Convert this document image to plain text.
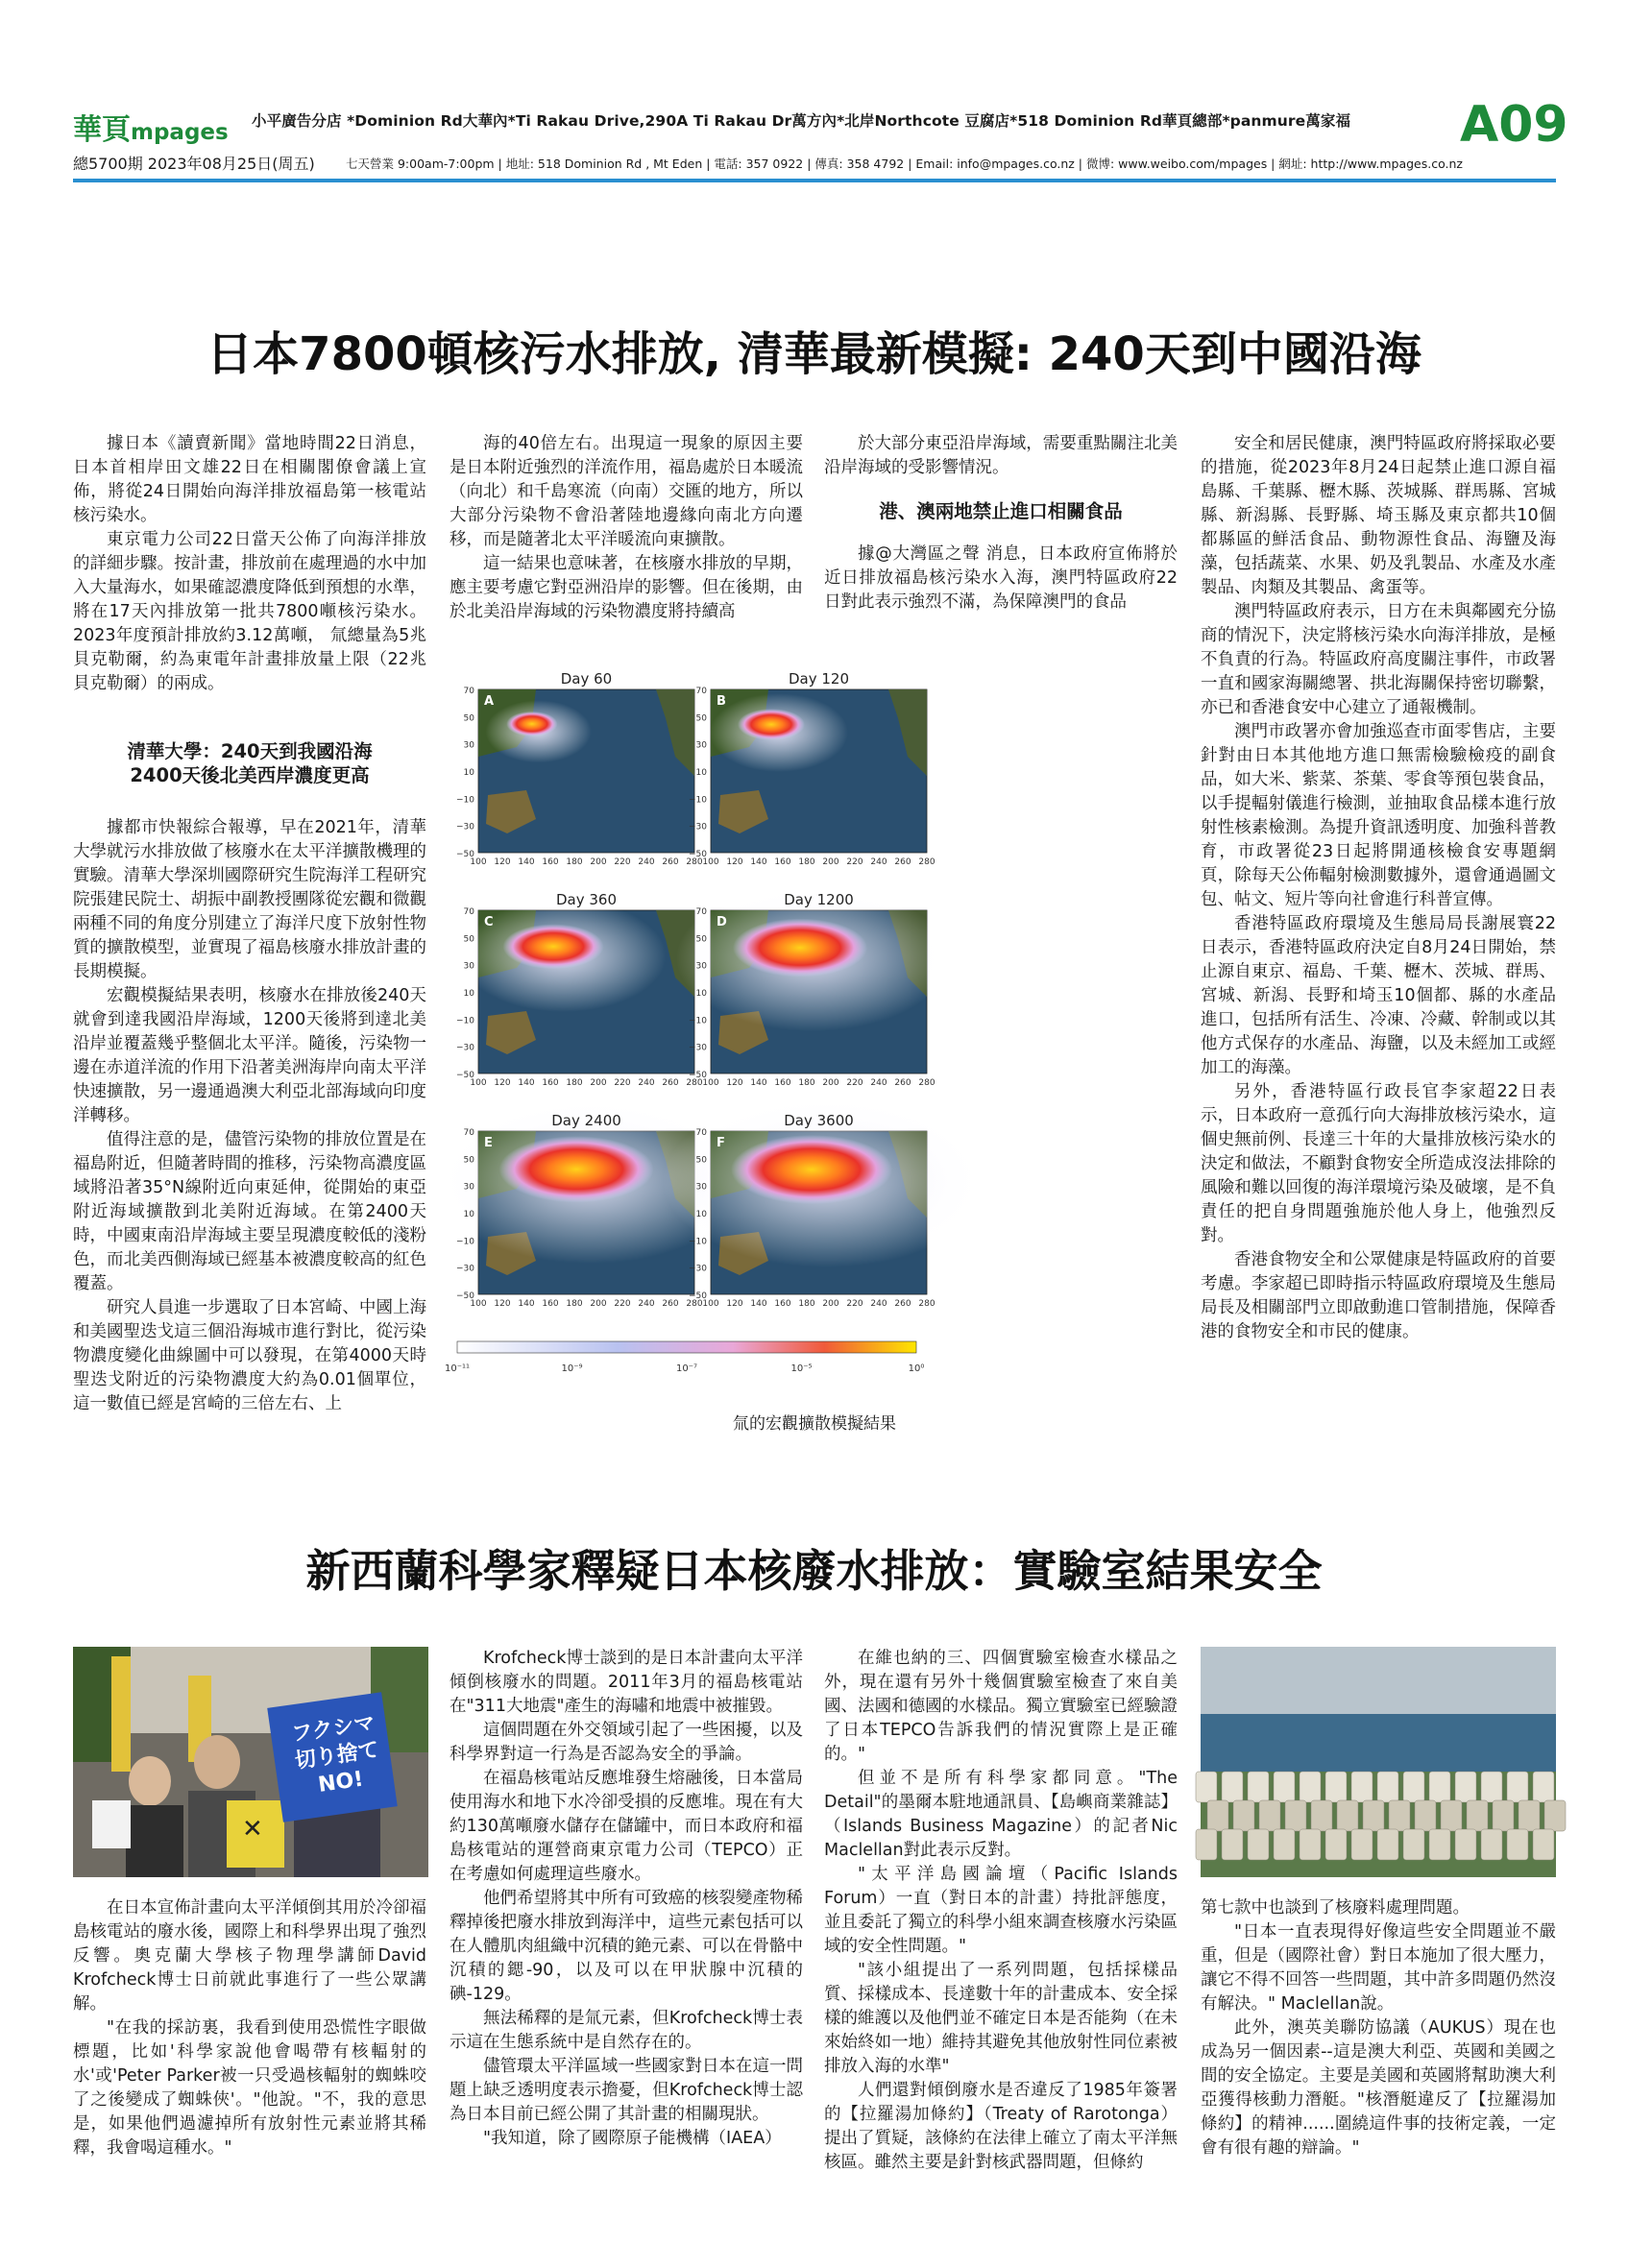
華頁mpages 小平廣告分店 *Dominion Rd大華內*Ti Rakau Drive,290A Ti Rakau Dr萬方內*北岸Northcote 豆腐店*518 Dominion Rd華頁總部*panmure萬家福 A09
總5700期 2023年08月25日(周五)	七天營業 9:00am-7:00pm | 地址: 518 Dominion Rd , Mt Eden | 電話: 357 0922 | 傳真: 358 4792 | Email: info@mpages.co.nz | 微博: www.weibo.com/mpages | 網址: http://www.mpages.co.nz
日本7800頓核污水排放, 清華最新模擬: 240天到中國沿海

據日本《讀賣新聞》當地時間22日消息，日本首相岸田文雄22日在相關閣僚會議上宣佈，將從24日開始向海洋排放福島第一核電站核污染水。

東京電力公司22日當天公佈了向海洋排放的詳細步驟。按計畫，排放前在處理過的水中加入大量海水，如果確認濃度降低到預想的水準，將在17天內排放第一批共7800噸核污染水。2023年度預計排放約3.12萬噸， 氚總量為5兆貝克勒爾，約為東電年計畫排放量上限（22兆貝克勒爾）的兩成。

清華大學：240天到我國沿海
2400天後北美西岸濃度更高

據都市快報綜合報導，早在2021年，清華大學就污水排放做了核廢水在太平洋擴散機理的實驗。清華大學深圳國際研究生院海洋工程研究院張建民院士、胡振中副教授團隊從宏觀和微觀兩種不同的角度分別建立了海洋尺度下放射性物質的擴散模型，並實現了福島核廢水排放計畫的長期模擬。

宏觀模擬結果表明，核廢水在排放後240天就會到達我國沿岸海域，1200天後將到達北美沿岸並覆蓋幾乎整個北太平洋。隨後，污染物一邊在赤道洋流的作用下沿著美洲海岸向南太平洋快速擴散，另一邊通過澳大利亞北部海域向印度洋轉移。

值得注意的是，儘管污染物的排放位置是在福島附近，但隨著時間的推移，污染物高濃度區域將沿著35°N線附近向東延伸，從開始的東亞附近海域擴散到北美附近海域。在第2400天時，中國東南沿岸海域主要呈現濃度較低的淺粉色，而北美西側海域已經基本被濃度較高的紅色覆蓋。

研究人員進一步選取了日本宮崎、中國上海和美國聖迭戈這三個沿海城市進行對比，從污染物濃度變化曲線圖中可以發現，在第4000天時聖迭戈附近的污染物濃度大約為0.01個單位，這一數值已經是宮崎的三倍左右、上

海的40倍左右。出現這一現象的原因主要是日本附近強烈的洋流作用，福島處於日本暖流（向北）和千島寒流（向南）交匯的地方，所以大部分污染物不會沿著陸地邊緣向南北方向遷移，而是隨著北太平洋暖流向東擴散。

這一結果也意味著，在核廢水排放的早期，應主要考慮它對亞洲沿岸的影響。但在後期，由於北美沿岸海域的污染物濃度將持續高

於大部分東亞沿岸海域，需要重點關注北美沿岸海域的受影響情況。

港、澳兩地禁止進口相關食品

據@大灣區之聲 消息，日本政府宣佈將於近日排放福島核污染水入海，澳門特區政府22日對此表示強烈不滿，為保障澳門的食品

安全和居民健康，澳門特區政府將採取必要的措施，從2023年8月24日起禁止進口源自福島縣、千葉縣、櫪木縣、茨城縣、群馬縣、宮城縣、新潟縣、長野縣、埼玉縣及東京都共10個都縣區的鮮活食品、動物源性食品、海鹽及海藻，包括蔬菜、水果、奶及乳製品、水產及水產製品、肉類及其製品、禽蛋等。

澳門特區政府表示，日方在未與鄰國充分協商的情況下，決定將核污染水向海洋排放，是極不負責的行為。特區政府高度關注事件，市政署一直和國家海關總署、拱北海關保持密切聯繫，亦已和香港食安中心建立了通報機制。

澳門市政署亦會加強巡查市面零售店，主要針對由日本其他地方進口無需檢驗檢疫的副食品，如大米、紫菜、茶葉、零食等預包裝食品，以手提輻射儀進行檢測，並抽取食品樣本進行放射性核素檢測。為提升資訊透明度、加強科普教育，市政署從23日起將開通核檢食安專題網頁，除每天公佈輻射檢測數據外，還會通過圖文包、帖文、短片等向社會進行科普宣傳。

香港特區政府環境及生態局局長謝展寰22日表示，香港特區政府決定自8月24日開始，禁止源自東京、福島、千葉、櫪木、茨城、群馬、宮城、新潟、長野和埼玉10個都、縣的水產品進口，包括所有活生、冷凍、冷藏、幹制或以其他方式保存的水產品、海鹽，以及未經加工或經加工的海藻。

另外，香港特區行政長官李家超22日表示，日本政府一意孤行向大海排放核污染水，這個史無前例、長達三十年的大量排放核污染水的決定和做法，不顧對食物安全所造成沒法排除的風險和難以回復的海洋環境污染及破壞，是不負責任的把自身問題強施於他人身上，他強烈反對。

香港食物安全和公眾健康是特區政府的首要考慮。李家超已即時指示特區政府環境及生態局局長及相關部門立即啟動進口管制措施，保障香港的食物安全和市民的健康。

Day 60
A
70
50
30
10
−10
−30
−50
100 120 140 160 180 200 220 240 260 280
Day 120
B
70
50
30
10
−10
−30
−50
100 120 140 160 180 200 220 240 260 280
Day 360
C
70
50
30
10
−10
−30
−50
100 120 140 160 180 200 220 240 260 280
Day 1200
D
70
50
30
10
−10
−30
−50
100 120 140 160 180 200 220 240 260 280
Day 2400
E
70
50
30
10
−10
−30
−50
100 120 140 160 180 200 220 240 260 280
Day 3600
F
70
50
30
10
−10
−30
−50
100 120 140 160 180 200 220 240 260 280
10⁻¹¹	10⁻⁹	10⁻⁷	10⁻⁵	10⁰
氚的宏觀擴散模擬結果
新西蘭科學家釋疑日本核廢水排放：實驗室結果安全
✕
フクシマ
切り捨て
NO!

在日本宣佈計畫向太平洋傾倒其用於冷卻福島核電站的廢水後，國際上和科學界出現了強烈反響。奧克蘭大學核子物理學講師David Krofcheck博士日前就此事進行了一些公眾講解。

"在我的採訪裏，我看到使用恐慌性字眼做標題，比如'科學家說他會喝帶有核輻射的水'或'Peter Parker被一只受過核輻射的蜘蛛咬了之後變成了蜘蛛俠'。"他說。"不，我的意思是，如果他們過濾掉所有放射性元素並將其稀釋，我會喝這種水。"

Krofcheck博士談到的是日本計畫向太平洋傾倒核廢水的問題。2011年3月的福島核電站在"311大地震"產生的海嘯和地震中被摧毀。

這個問題在外交領域引起了一些困擾，以及科學界對這一行為是否認為安全的爭論。

在福島核電站反應堆發生熔融後，日本當局使用海水和地下水冷卻受損的反應堆。現在有大約130萬噸廢水儲存在儲罐中，而日本政府和福島核電站的運營商東京電力公司（TEPCO）正在考慮如何處理這些廢水。

他們希望將其中所有可致癌的核裂變產物稀釋掉後把廢水排放到海洋中，這些元素包括可以在人體肌肉組織中沉積的銫元素、可以在骨骼中沉積的鍶-90，以及可以在甲狀腺中沉積的碘-129。

無法稀釋的是氚元素，但Krofcheck博士表示這在生態系統中是自然存在的。

儘管環太平洋區域一些國家對日本在這一問題上缺乏透明度表示擔憂，但Krofcheck博士認為日本目前已經公開了其計畫的相關現狀。

"我知道，除了國際原子能機構（IAEA）

在維也納的三、四個實驗室檢查水樣品之外，現在還有另外十幾個實驗室檢查了來自美國、法國和德國的水樣品。獨立實驗室已經驗證了日本TEPCO告訴我們的情況實際上是正確的。"

但並不是所有科學家都同意。"The Detail"的墨爾本駐地通訊員、【島嶼商業雜誌】（Islands Business Magazine）的記者Nic Maclellan對此表示反對。

"太平洋島國論壇（Pacific Islands Forum）一直（對日本的計畫）持批評態度，並且委託了獨立的科學小組來調查核廢水污染區域的安全性問題。"

"該小組提出了一系列問題，包括採樣品質、採樣成本、長達數十年的計畫成本、安全採樣的維護以及他們並不確定日本是否能夠（在未來始終如一地）維持其避免其他放射性同位素被排放入海的水準"

人們還對傾倒廢水是否違反了1985年簽署的【拉羅湯加條約】（Treaty of Rarotonga）提出了質疑，該條約在法律上確立了南太平洋無核區。雖然主要是針對核武器問題，但條約

第七款中也談到了核廢料處理問題。

"日本一直表現得好像這些安全問題並不嚴重，但是（國際社會）對日本施加了很大壓力，讓它不得不回答一些問題，其中許多問題仍然沒有解決。" Maclellan說。

此外，澳英美聯防協議（AUKUS）現在也成為另一個因素--這是澳大利亞、英國和美國之間的安全協定。主要是美國和英國將幫助澳大利亞獲得核動力潛艇。"核潛艇違反了【拉羅湯加條約】的精神......圍繞這件事的技術定義，一定會有很有趣的辯論。"
